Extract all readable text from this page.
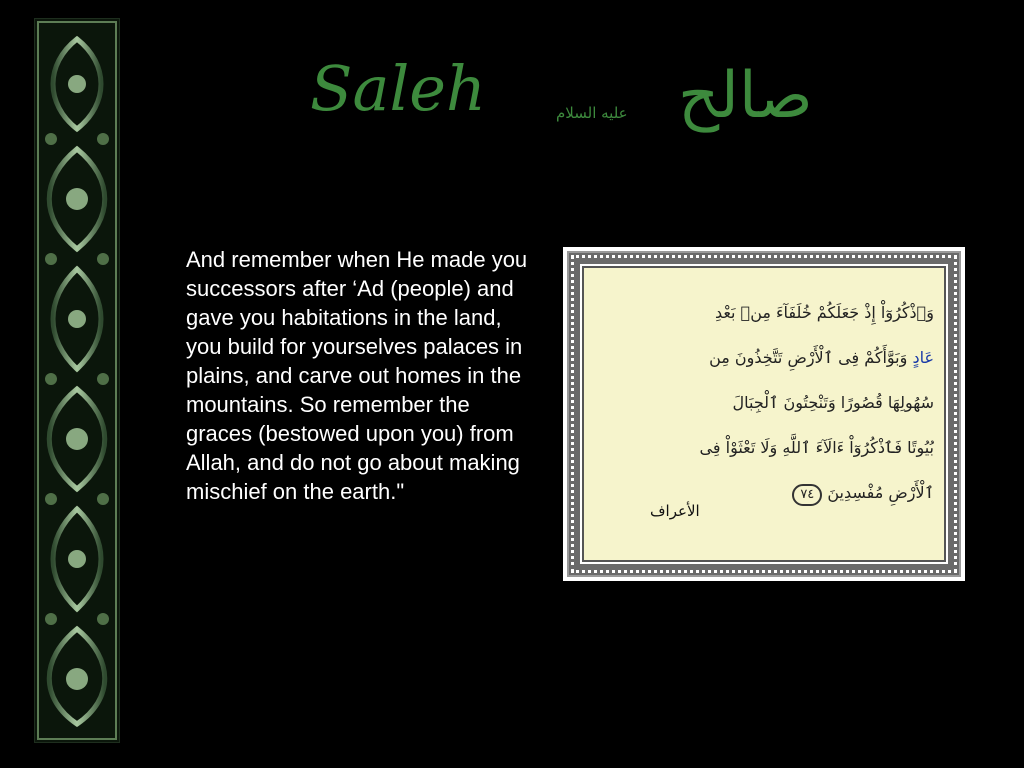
Saleh	عليه السلام صالح
And remember when He made you successors after ‘Ad (people) and gave you habitations in the land, you build for yourselves palaces in plains, and carve out homes in the mountains. So remember the graces (bestowed upon you) from Allah, and do not go about making mischief on the earth."
وَٱذْكُرُوٓاْ إِذْ جَعَلَكُمْ خُلَفَآءَ مِنۢ بَعْدِ
عَادٍ وَبَوَّأَكُمْ فِى ٱلْأَرْضِ تَتَّخِذُونَ مِن
سُهُولِهَا قُصُورًا وَتَنْحِتُونَ ٱلْجِبَالَ
بُيُوتًا فَٱذْكُرُوٓاْ ءَالَآءَ ٱللَّهِ وَلَا تَعْثَوْاْ فِى
ٱلْأَرْضِ مُفْسِدِينَ ٧٤
الأعراف
